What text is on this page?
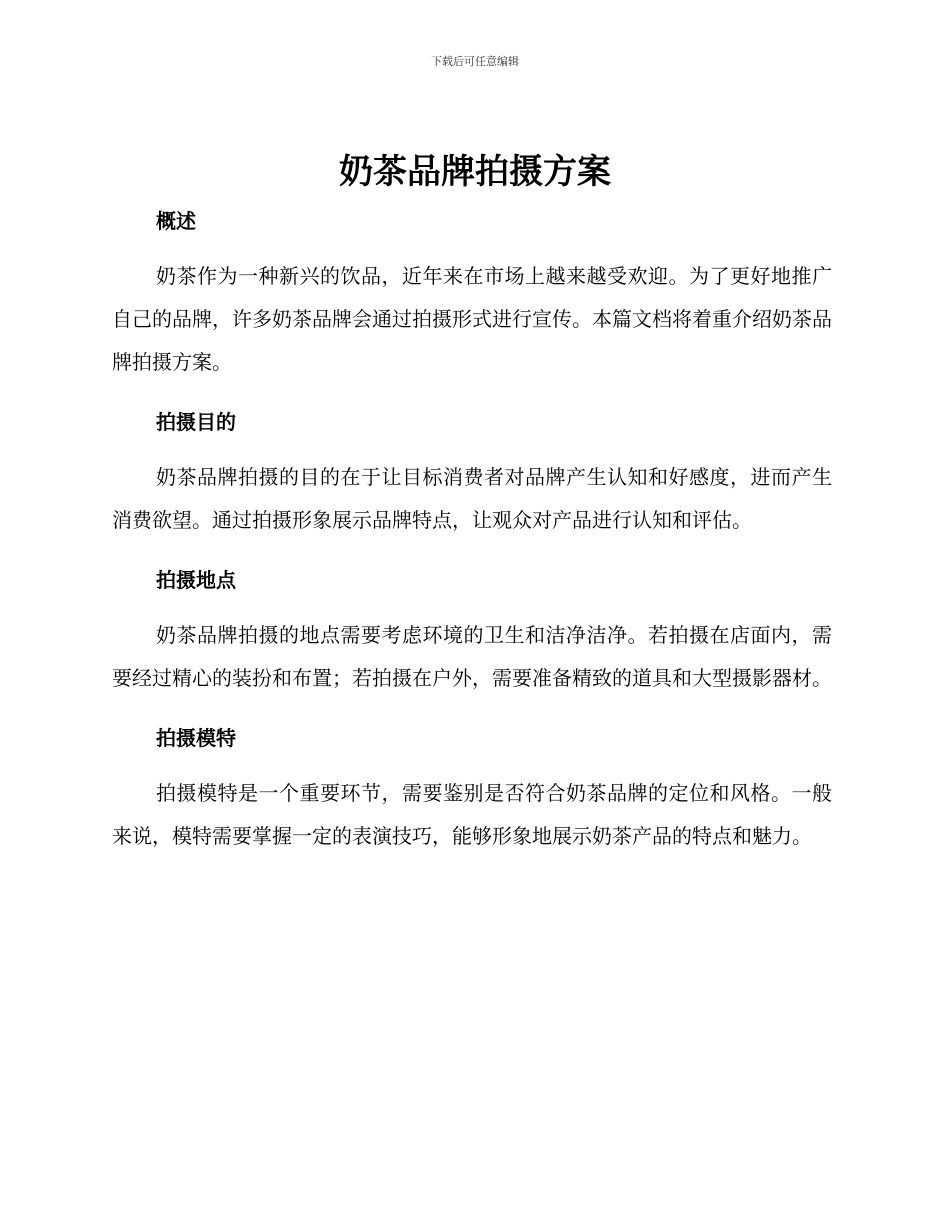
下载后可任意编辑
奶茶品牌拍摄方案
概述

奶茶作为一种新兴的饮品，近年来在市场上越来越受欢迎。为了更好地推广自己的品牌，许多奶茶品牌会通过拍摄形式进行宣传。本篇文档将着重介绍奶茶品牌拍摄方案。

拍摄目的

奶茶品牌拍摄的目的在于让目标消费者对品牌产生认知和好感度，进而产生消费欲望。通过拍摄形象展示品牌特点，让观众对产品进行认知和评估。

拍摄地点

奶茶品牌拍摄的地点需要考虑环境的卫生和洁净洁净。若拍摄在店面内，需要经过精心的装扮和布置；若拍摄在户外，需要准备精致的道具和大型摄影器材。

拍摄模特

拍摄模特是一个重要环节，需要鉴别是否符合奶茶品牌的定位和风格。一般来说，模特需要掌握一定的表演技巧，能够形象地展示奶茶产品的特点和魅力。
